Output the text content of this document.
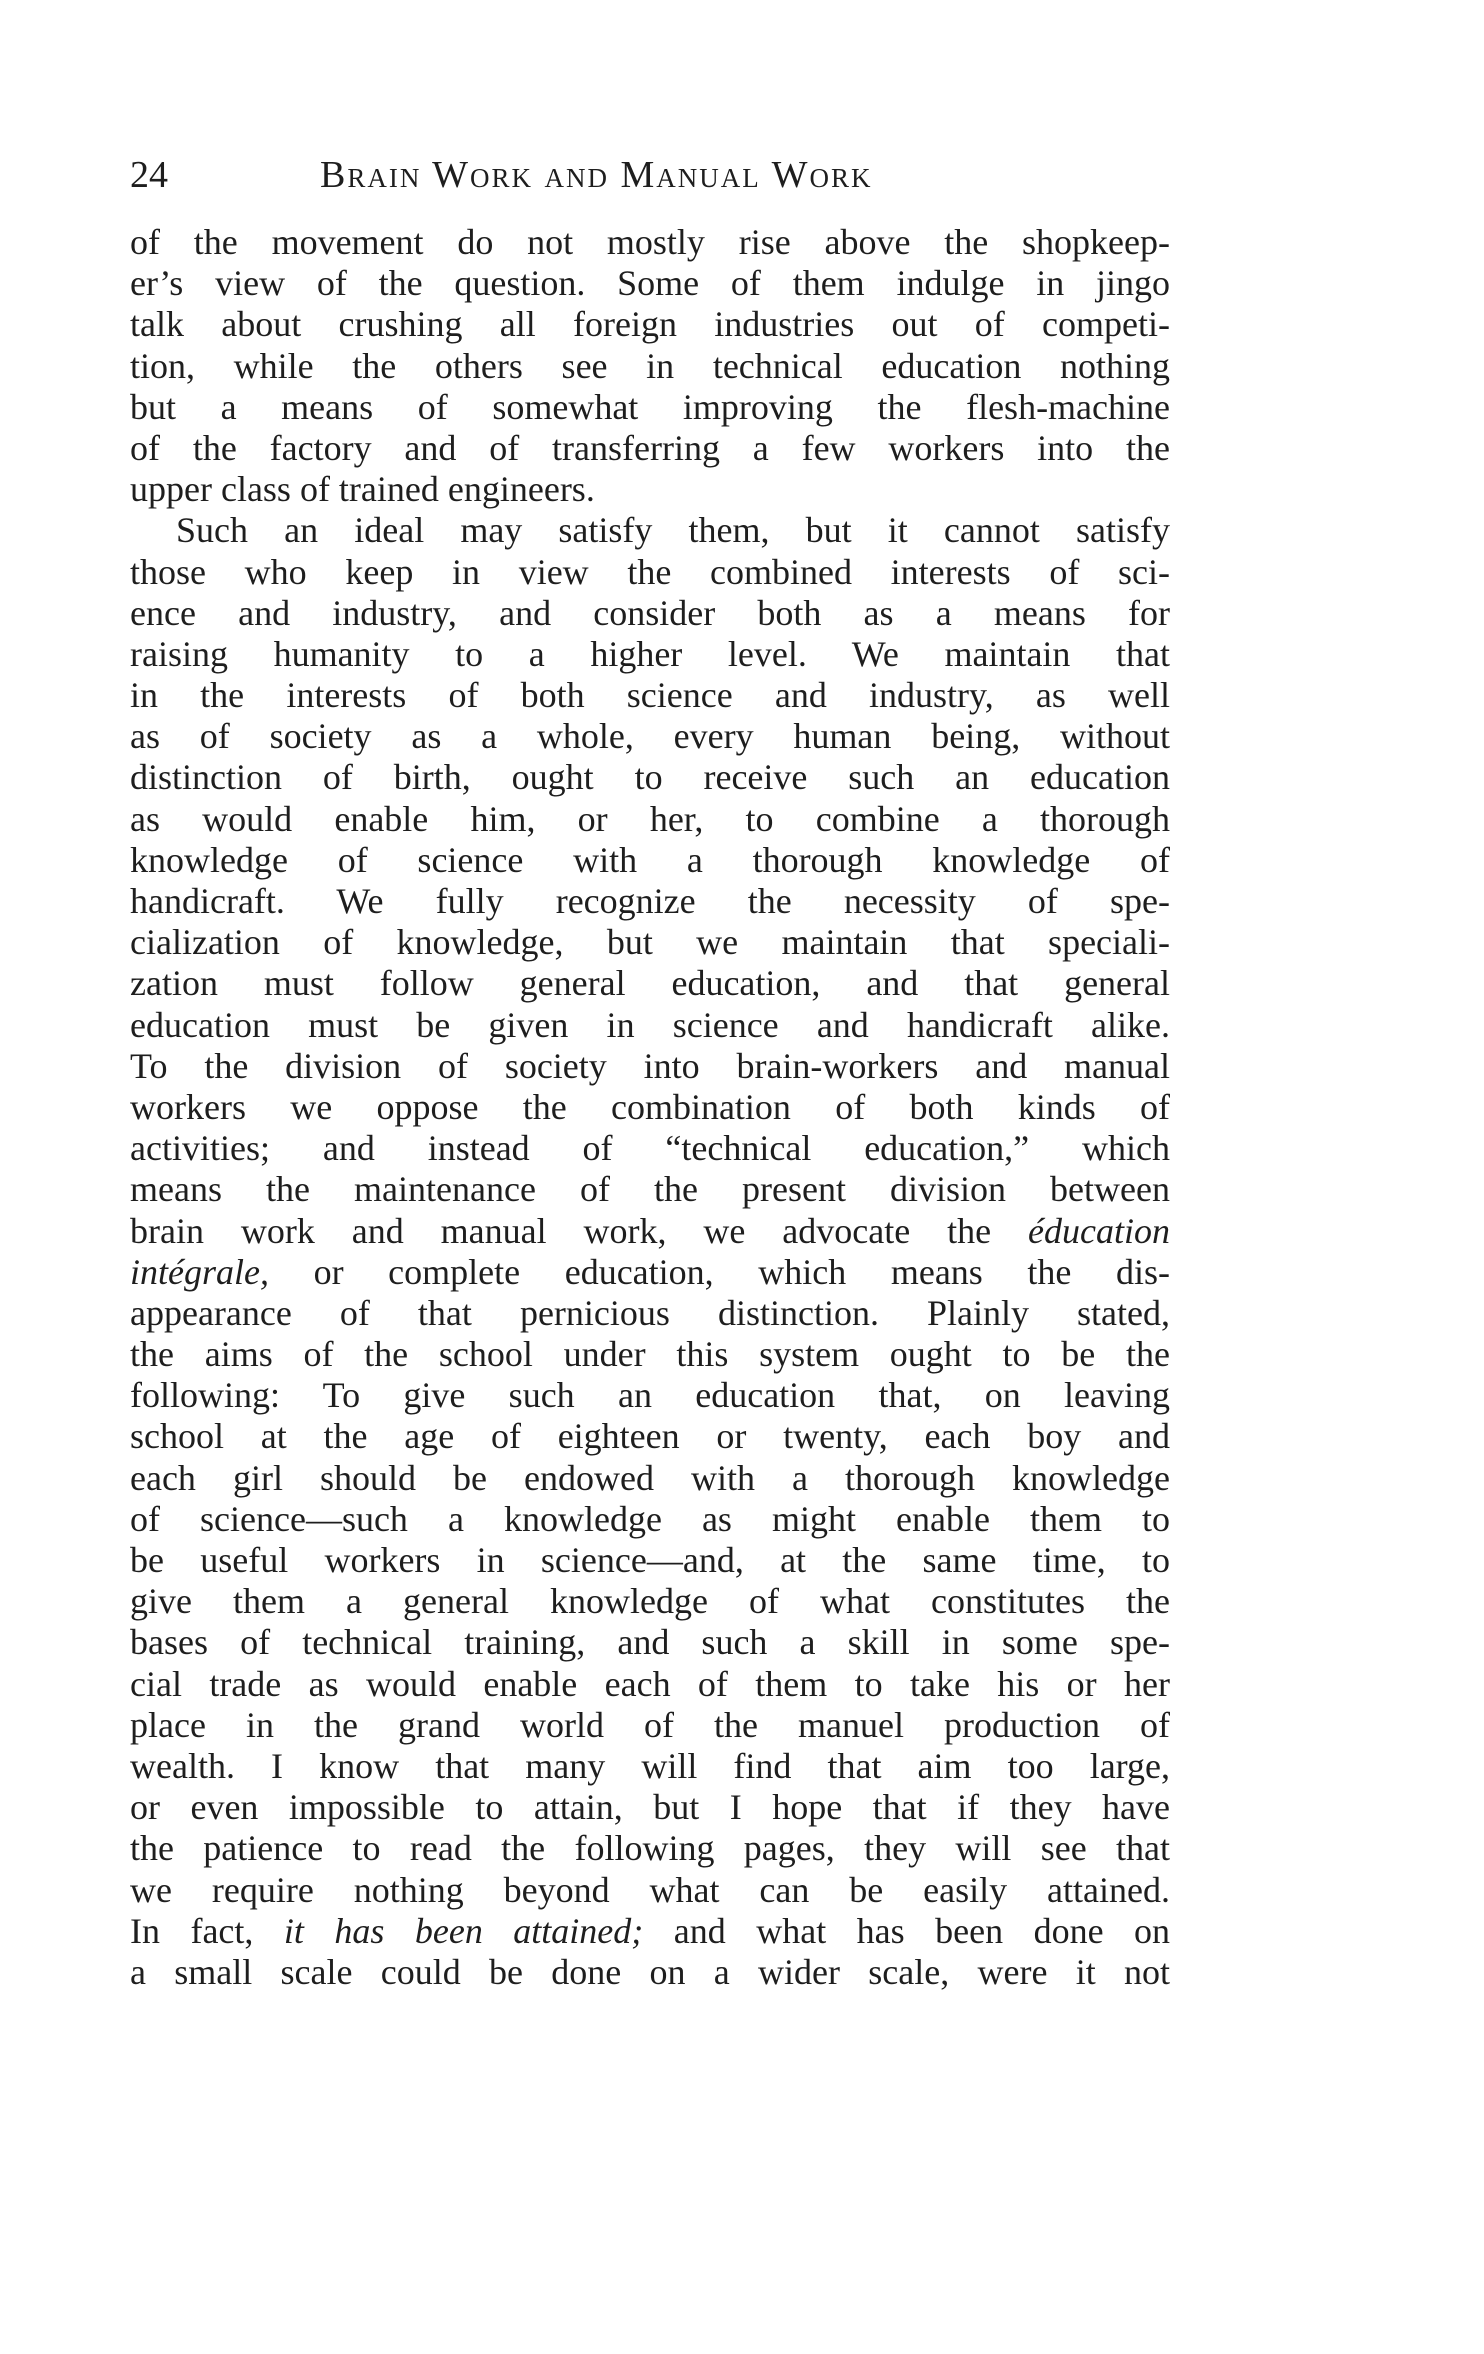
24	Brain Work and Manual Work
of the movement do not mostly rise above the shopkeep-
er’s view of the question. Some of them indulge in jingo
talk about crushing all foreign industries out of competi-
tion, while the others see in technical education nothing
but a means of somewhat improving the flesh-machine
of the factory and of transferring a few workers into the
upper class of trained engineers.
Such an ideal may satisfy them, but it cannot satisfy
those who keep in view the combined interests of sci-
ence and industry, and consider both as a means for
raising humanity to a higher level. We maintain that
in the interests of both science and industry, as well
as of society as a whole, every human being, without
distinction of birth, ought to receive such an education
as would enable him, or her, to combine a thorough
knowledge of science with a thorough knowledge of
handicraft. We fully recognize the necessity of spe-
cialization of knowledge, but we maintain that speciali-
zation must follow general education, and that general
education must be given in science and handicraft alike.
To the division of society into brain-workers and manual
workers we oppose the combination of both kinds of
activities; and instead of “technical education,” which
means the maintenance of the present division between
brain work and manual work, we advocate the éducation
intégrale, or complete education, which means the dis-
appearance of that pernicious distinction. Plainly stated,
the aims of the school under this system ought to be the
following: To give such an education that, on leaving
school at the age of eighteen or twenty, each boy and
each girl should be endowed with a thorough knowledge
of science—such a knowledge as might enable them to
be useful workers in science—and, at the same time, to
give them a general knowledge of what constitutes the
bases of technical training, and such a skill in some spe-
cial trade as would enable each of them to take his or her
place in the grand world of the manuel production of
wealth. I know that many will find that aim too large,
or even impossible to attain, but I hope that if they have
the patience to read the following pages, they will see that
we require nothing beyond what can be easily attained.
In fact, it has been attained; and what has been done on
a small scale could be done on a wider scale, were it not
